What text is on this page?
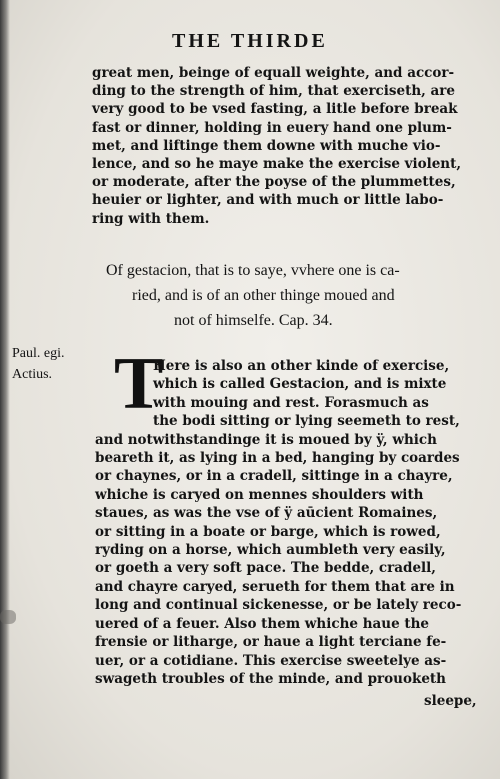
THE THIRDE
great men, beinge of equall weighte, and accor-
ding to the strength of him, that exerciseth, are
very good to be vsed fasting, a litle before break
fast or dinner, holding in euery hand one plum-
met, and liftinge them downe with muche vio-
lence, and so he maye make the exercise violent,
or moderate, after the poyse of the plummettes,
heuier or lighter, and with much or little labo-
ring with them.
Of gestacion, that is to saye, vvhere one is ca-
ried, and is of an other thinge moued and
not of himselfe. Cap. 34.
Paul. egi.
Actius. T
Here is also an other kinde of exercise,
which is called Gestacion, and is mixte
with mouing and rest. Forasmuch as
the bodi sitting or lying seemeth to rest,
and notwithstandinge it is moued by ÿ, which
beareth it, as lying in a bed, hanging by coardes
or chaynes, or in a cradell, sittinge in a chayre,
whiche is caryed on mennes shoulders with
staues, as was the vse of ÿ aūcient Romaines,
or sitting in a boate or barge, which is rowed,
ryding on a horse, which aumbleth very easily,
or goeth a very soft pace. The bedde, cradell,
and chayre caryed, serueth for them that are in
long and continual sickenesse, or be lately reco-
uered of a feuer. Also them whiche haue the
frensie or litharge, or haue a light terciane fe-
uer, or a cotidiane. This exercise sweetelye as-
swageth troubles of the minde, and prouoketh
sleepe,
